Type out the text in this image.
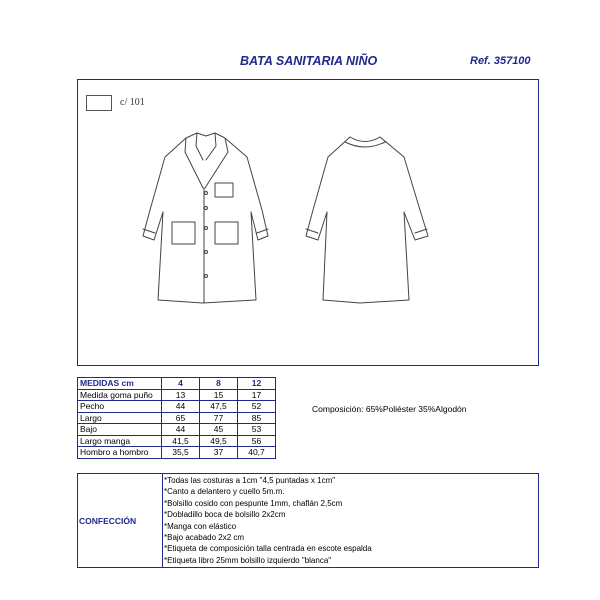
BATA SANITARIA NIÑO	Ref. 357100
c/ 101
MEDIDAS cm	4	8	12
Medida goma puño	13	15	17
Pecho	44	47,5	52
Largo	65	77	85
Bajo	44	45	53
Largo manga	41,5	49,5	56
Hombro a hombro	35,5	37	40,7
Composición: 65%Poliéster 35%Algodón
CONFECCIÓN
*Todas las costuras a 1cm "4,5 puntadas x 1cm"
*Canto a delantero y cuello 5m.m.
*Bolsillo cosido con pespunte 1mm, chaflán 2,5cm
*Dobladillo boca de bolsillo 2x2cm
*Manga con elástico
*Bajo acabado 2x2 cm
*Etiqueta de composición talla centrada en escote espalda
*Etiqueta libro 25mm bolsillo izquierdo "blanca"
